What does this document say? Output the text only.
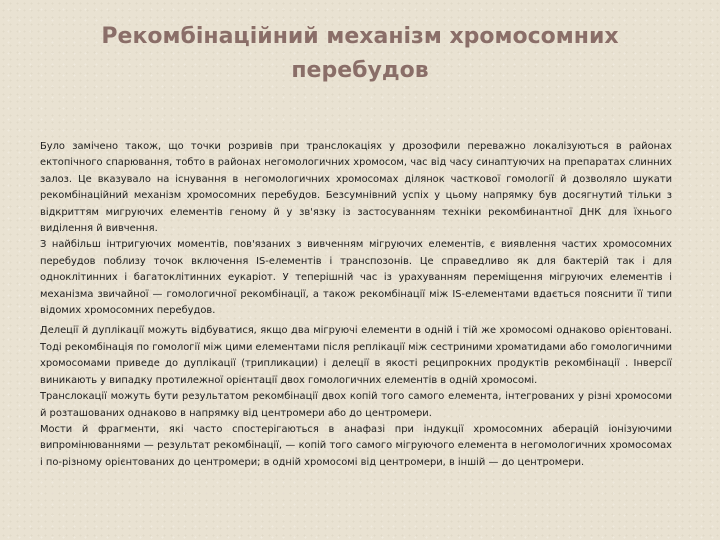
Рекомбінаційний механізм хромосомних перебудов

Було замічено також, що точки розривів при транслокаціях у дрозофили переважно локалізуються в районах ектопічного спарювання, тобто в районах негомологичних хромосом, час від часу синаптуючих на препаратах слинних залоз. Це вказувало на існування в негомологичних хромосомах ділянок часткової гомології й дозволяло шукати рекомбінаційний механізм хромосомних перебудов. Безсумнівний успіх у цьому напрямку був досягнутий тільки з відкриттям мигруючих елементів геному й у зв'язку із застосуванням техніки рекомбинантної ДНК для їхнього виділення й вивчення.

З найбільш інтригуючих моментів, пов'язаних з вивченням мігруючих елементів, є виявлення частих хромосомних перебудов поблизу точок включення IS-елементів і транспозонів. Це справедливо як для бактерій так і для одноклітинних і багатоклітинних еукаріот. У теперішній час із урахуванням переміщення мігруючих елементів і механізма звичайної — гомологичної рекомбінації, а також рекомбінації між IS-елементами вдається пояснити її типи відомих хромосомних перебудов.

Делеції й дуплікації можуть відбуватися, якщо два мігруючі елементи в одній і тій же хромосомі однаково орієнтовані. Тоді рекомбінація по гомології між цими елементами після реплікації між сестриними хроматидами або гомологичними хромосомами приведе до дуплікації (трипликации) і делеції в якості реципрокних продуктів рекомбінації . Інверсії виникають у випадку протилежної орієнтації двох гомологичних елементів в одній хромосомі.

Транслокації можуть бути результатом рекомбінації двох копій того самого елемента, інтегрованих у різні хромосоми й розташованих однаково в напрямку від центромери або до центромери.

Мости й фрагменти, які часто спостерігаються в анафазі при індукції хромосомних аберацій іонізуючими випромінюваннями — результат рекомбінації, — копій того самого мігруючого елемента в негомологичних хромосомах і по-різному орієнтованих до центромери; в одній хромосомі від центромери, в іншій — до центромери.
